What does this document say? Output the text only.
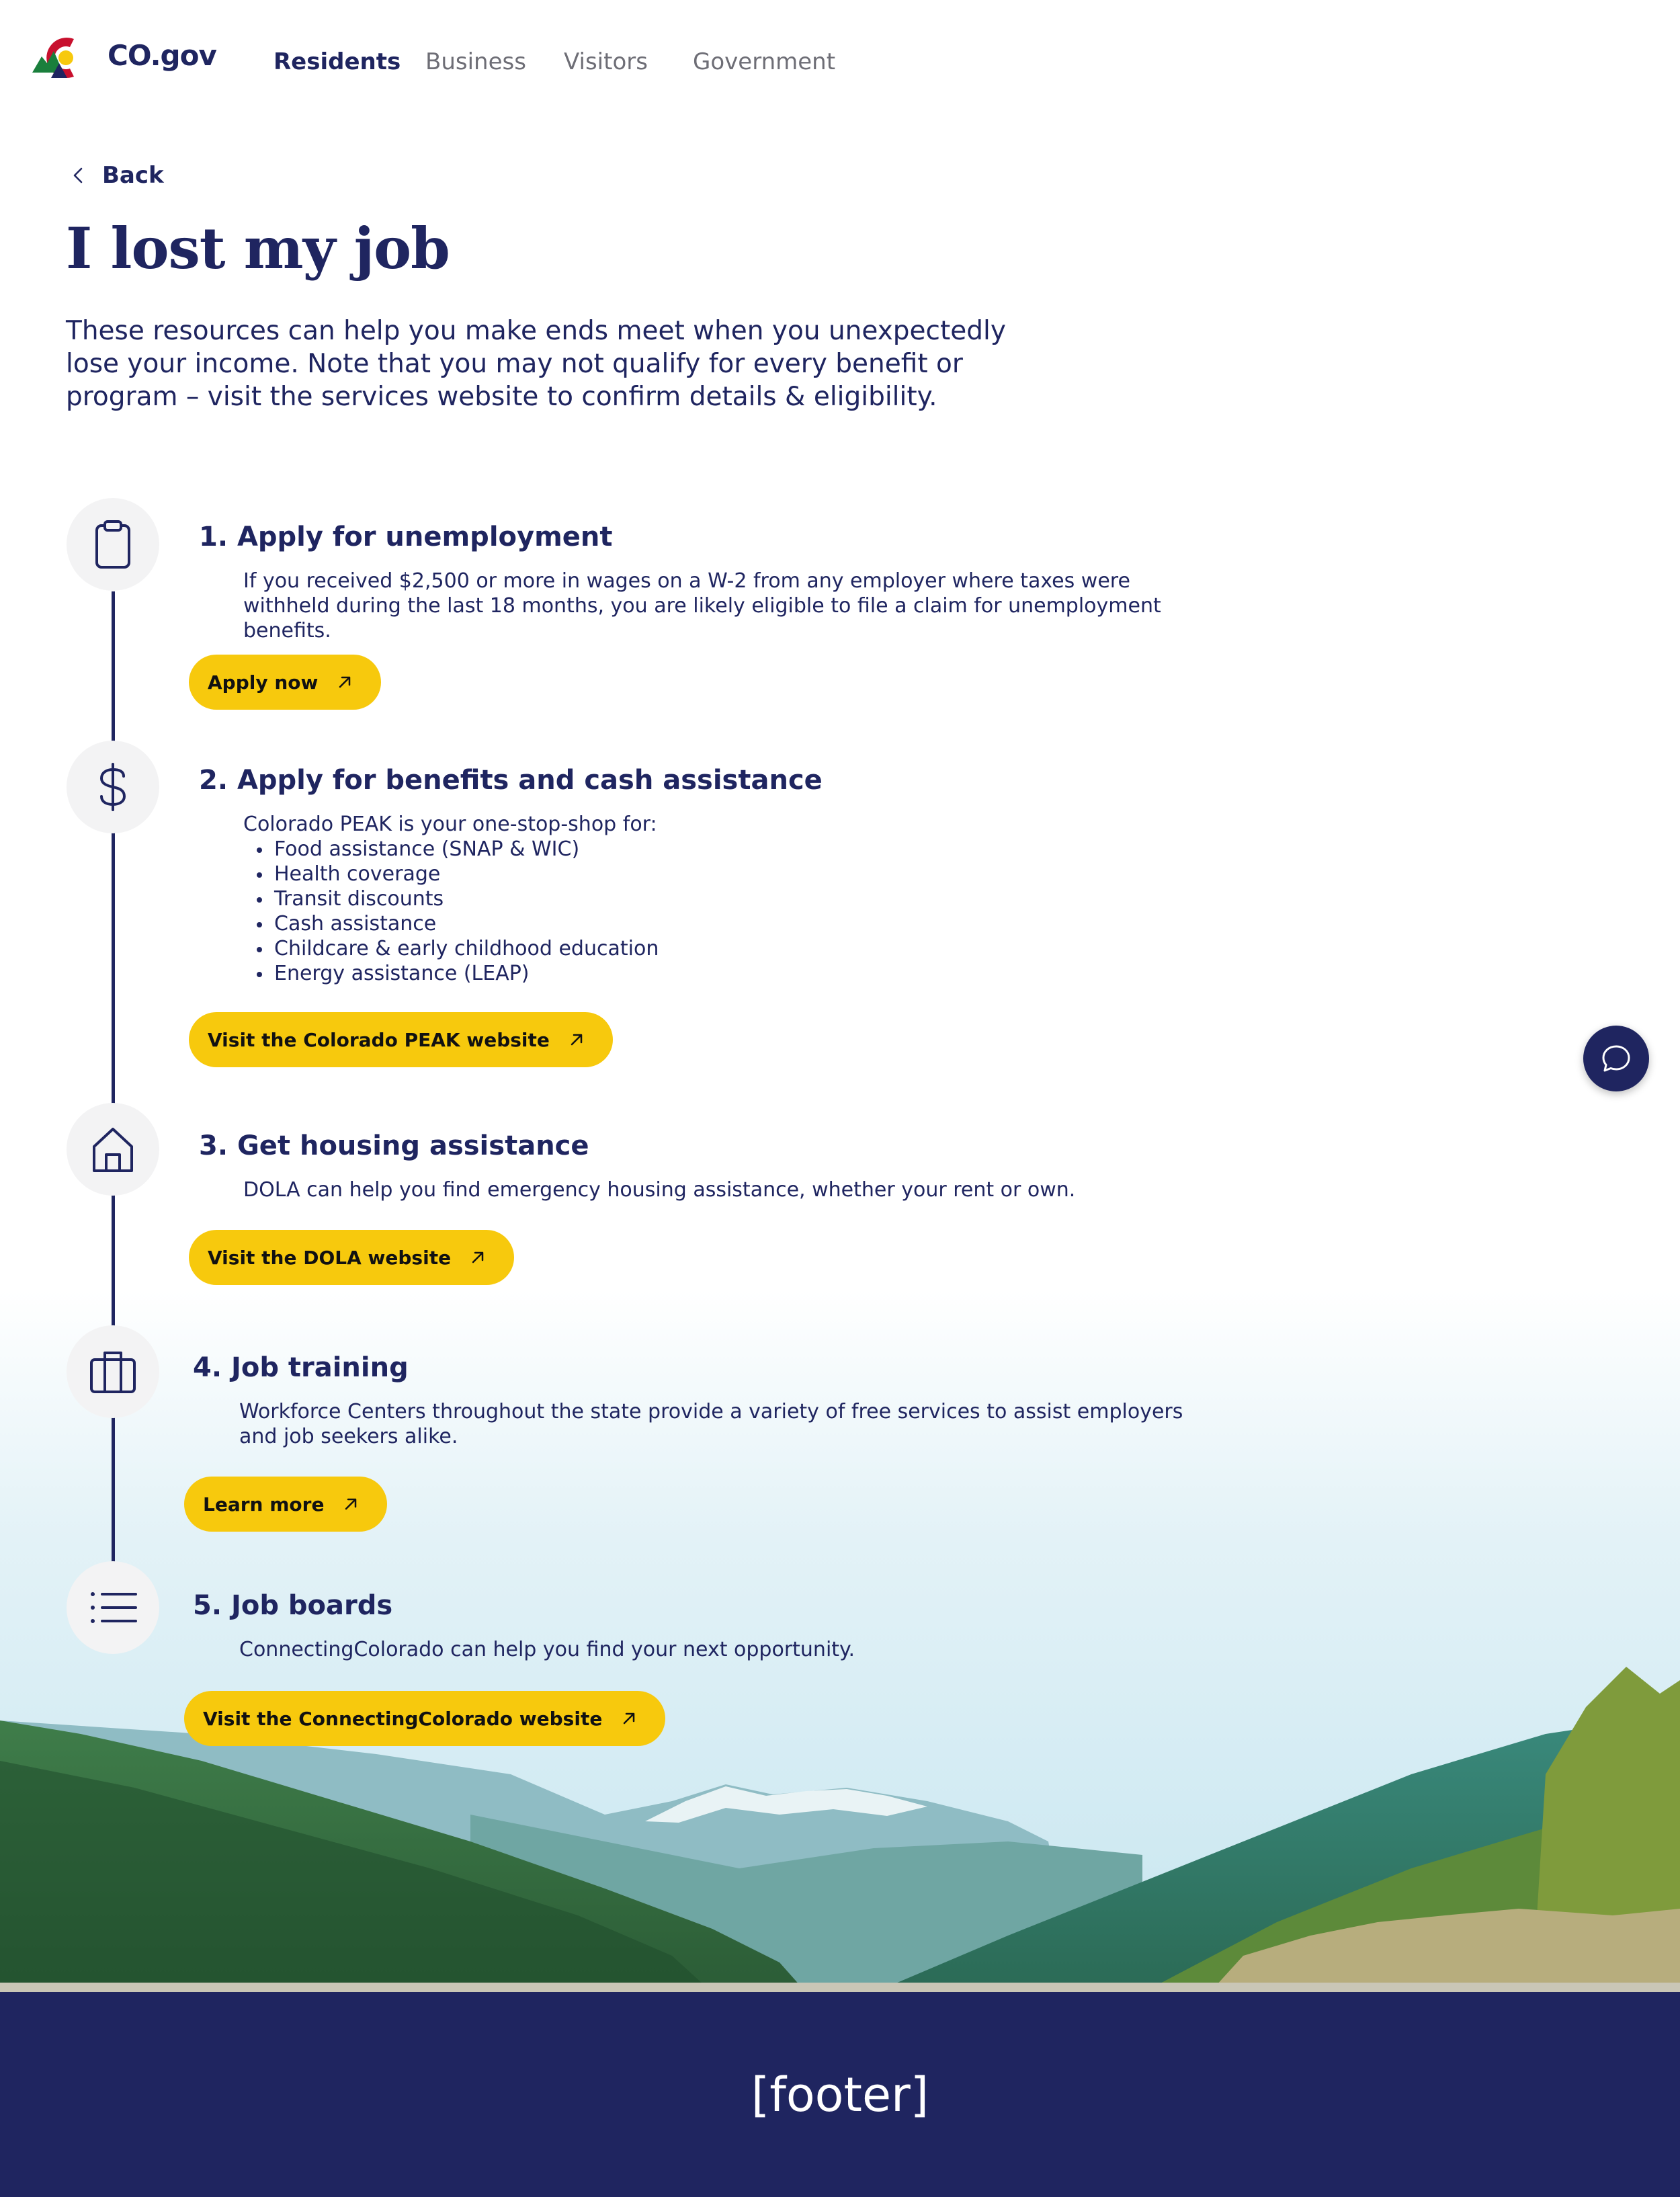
CO.gov	Residents Business Visitors Government
Back
I lost my job

These resources can help you make ends meet when you unexpectedly lose your income. Note that you may not qualify for every benefit or program – visit the services website to confirm details & eligibility.

1. Apply for unemployment
If you received $2,500 or more in wages on a W-2 from any employer where taxes were withheld during the last 18 months, you are likely eligible to file a claim for unemployment benefits.
Apply now
2. Apply for benefits and cash assistance
Colorado PEAK is your one-stop-shop for:
Food assistance (SNAP & WIC)
Health coverage
Transit discounts
Cash assistance
Childcare & early childhood education
Energy assistance (LEAP)
Visit the Colorado PEAK website
3. Get housing assistance
DOLA can help you find emergency housing assistance, whether your rent or own.
Visit the DOLA website
4. Job training
Workforce Centers throughout the state provide a variety of free services to assist employers and job seekers alike.
Learn more
5. Job boards
ConnectingColorado can help you find your next opportunity.
Visit the ConnectingColorado website
[footer]
